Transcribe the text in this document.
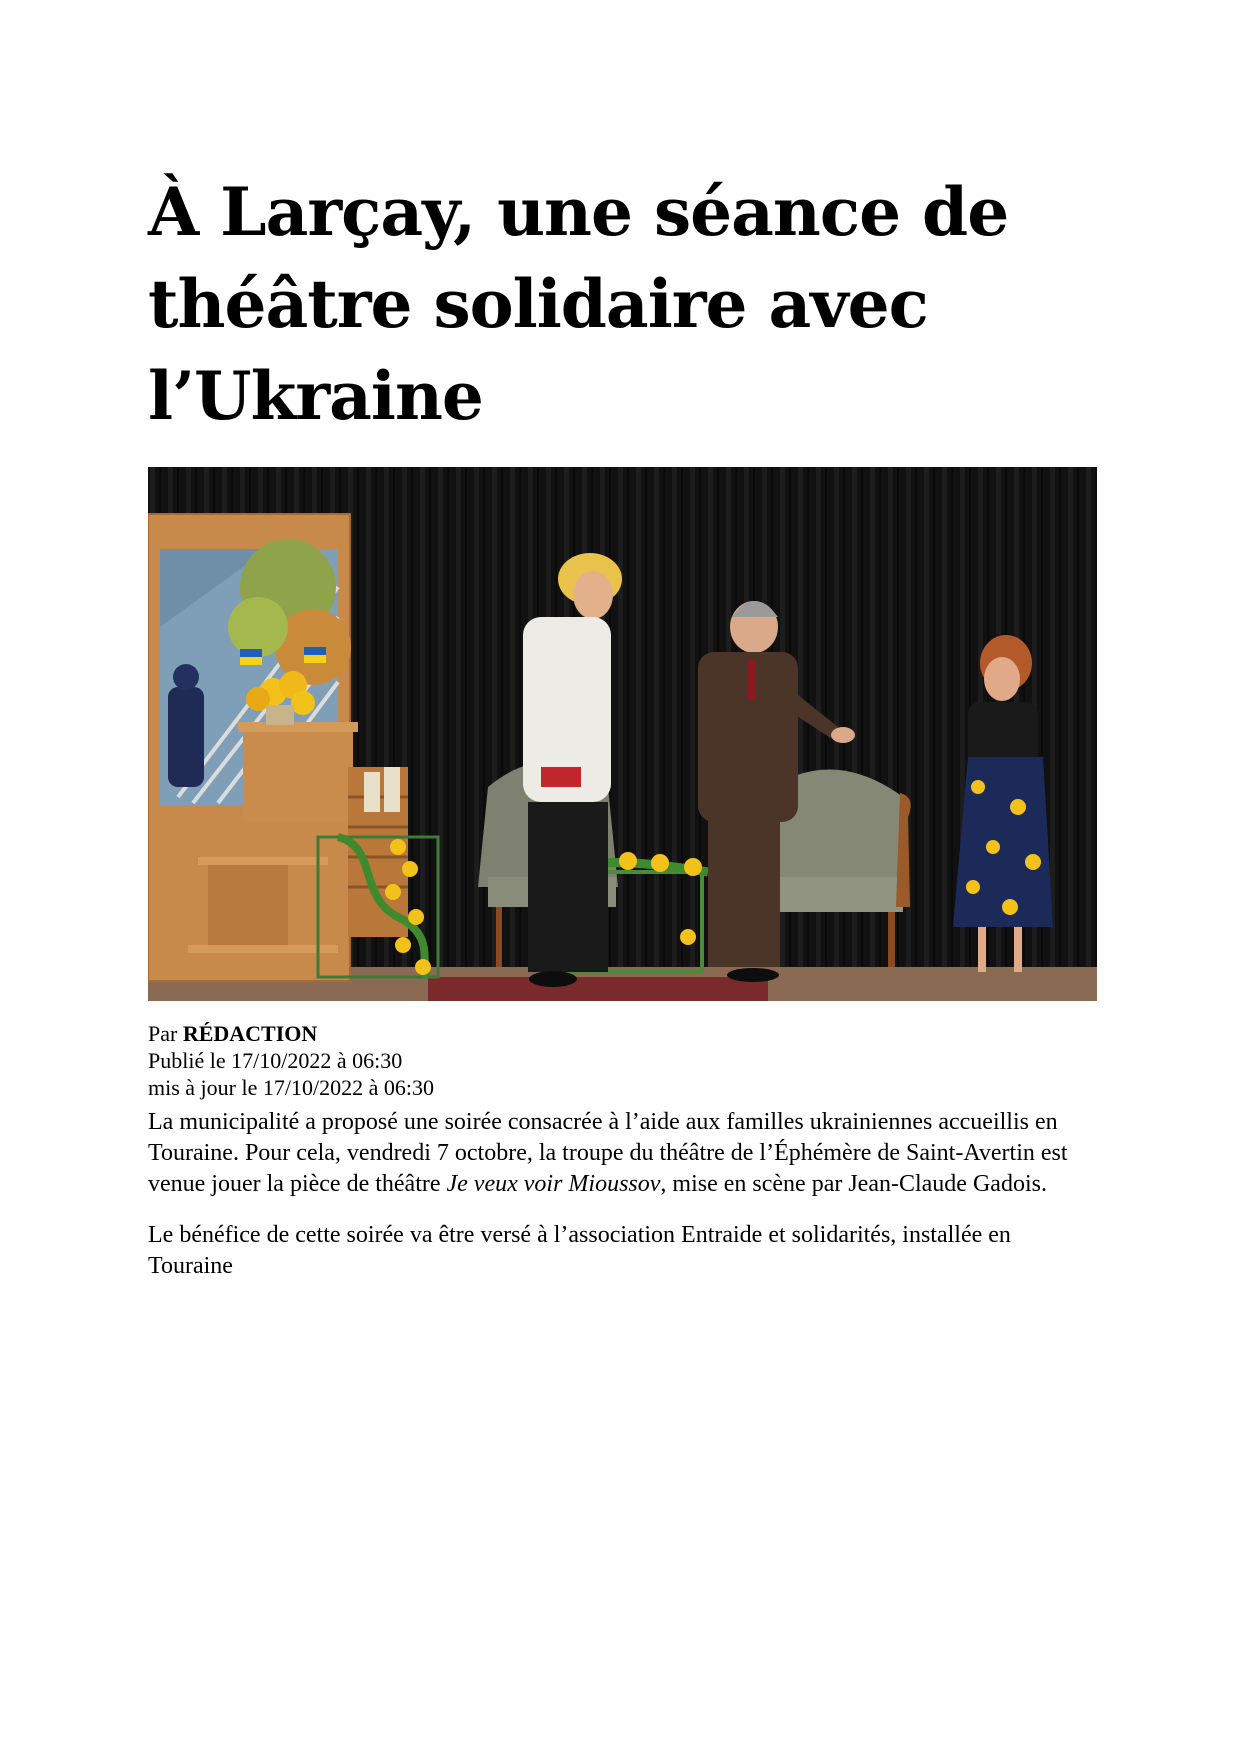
À Larçay, une séance de
théâtre solidaire avec
l’Ukraine
Par RÉDACTION
Publié le 17/10/2022 à 06:30
mis à jour le 17/10/2022 à 06:30

La municipalité a proposé une soirée consacrée à l’aide aux familles ukrainiennes accueillis en Touraine. Pour cela, vendredi 7 octobre, la troupe du théâtre de l’Éphémère de Saint-Avertin est venue jouer la pièce de théâtre Je veux voir Mioussov, mise en scène par Jean-Claude Gadois.

Le bénéfice de cette soirée va être versé à l’association Entraide et solidarités, installée en Touraine
